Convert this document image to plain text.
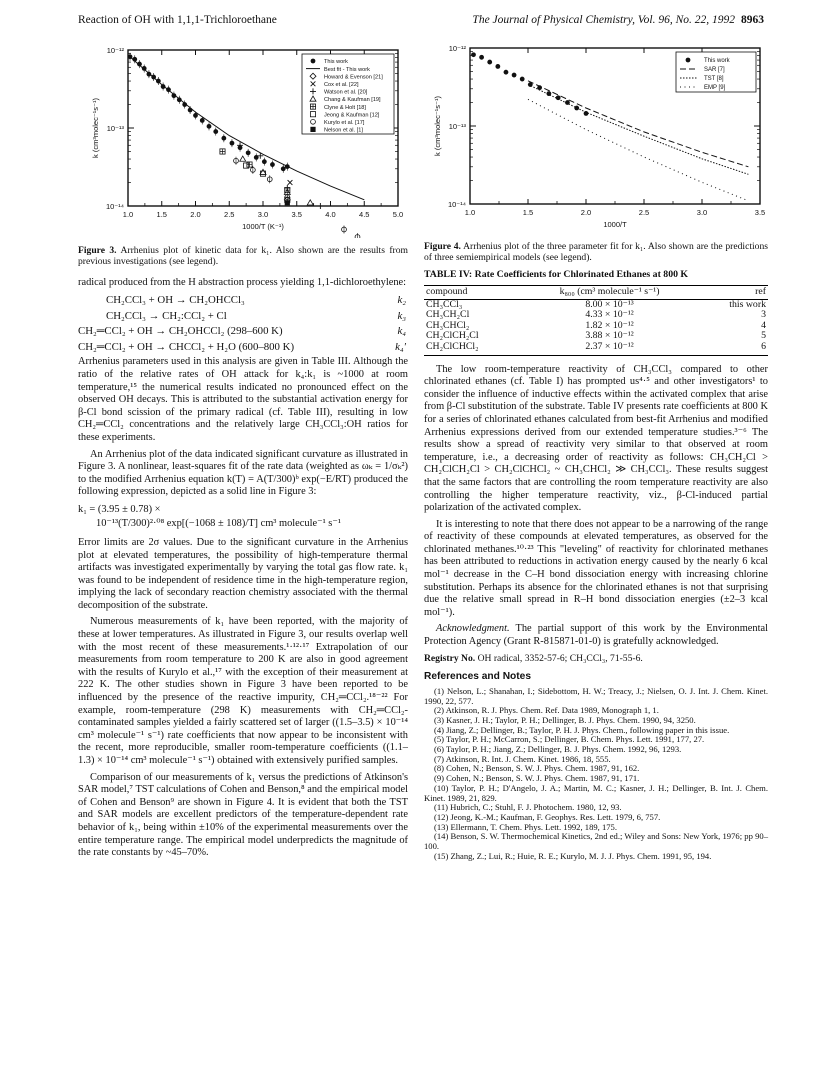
Reaction of OH with 1,1,1-Trichloroethane	The Journal of Physical Chemistry, Vol. 96, No. 22, 1992 8963
1.0	1.5	2.0	2.5	3.0	3.5	4.0	4.5	5.0
10⁻¹²
10⁻¹³
10⁻¹⁴
1000/T (K⁻¹)
k (cm³molec⁻¹s⁻¹)
This work
Best fit - This work
Howard & Evenson [21]
Cox et al. [22]
Watson et al. [20]
Chang & Kaufman [19]
Clyne & Holt [18]
Jeong & Kaufman [12]
Kurylo et al. [17]
Nelson et al. [1]
Figure 3. Arrhenius plot of kinetic data for k₁. Also shown are the results from previous investigations (see legend).

radical produced from the H abstraction process yielding 1,1-dichloroethylene:

CH₂CCl₃ + OH → CH₂OHCCl₃	k₂
CH₂CCl₃ → CH₂:CCl₂ + Cl	k₃
CH₂═CCl₂ + OH → CH₂OHCCl₂ (298–600 K)	k₄
CH₂═CCl₂ + OH → CHCCl₂ + H₂O (600–800 K)	k₄′

Arrhenius parameters used in this analysis are given in Table III. Although the ratio of the relative rates of OH attack for k₄:k₁ is ~1000 at room temperature,¹⁵ the numerical results indicated no pronounced effect on the observed OH decays. This is attributed to the substantial activation energy for β-Cl bond scission of the primary radical (cf. Table III), resulting in low CH₂═CCl₂ concentrations and the relatively large CH₃CCl₃:OH ratios for these experiments.

An Arrhenius plot of the data indicated significant curvature as illustrated in Figure 3. A nonlinear, least-squares fit of the rate data (weighted as ωₖ = 1/σₖ²) to the modified Arrhenius equation k(T) = A(T/300)ᵇ exp(−E/RT) produced the following expression, depicted as a solid line in Figure 3:

k₁ = (3.95 ± 0.78) ×
10⁻¹³(T/300)²·⁰⁸ exp[(−1068 ± 108)/T] cm³ molecule⁻¹ s⁻¹

Error limits are 2σ values. Due to the significant curvature in the Arrhenius plot at elevated temperatures, the possibility of high-temperature thermal artifacts was investigated experimentally by varying the total gas flow rate. k₁ was found to be independent of residence time in the high-temperature region, implying the lack of secondary reaction chemistry associated with the thermal decomposition of the substrate.

Numerous measurements of k₁ have been reported, with the majority of these at lower temperatures. As illustrated in Figure 3, our results overlap well with the most recent of these measurements.¹·¹²·¹⁷ Extrapolation of our measurements from room temperature to 200 K are also in good agreement with the results of Kurylo et al.,¹⁷ with the exception of their measurement at 222 K. The other studies shown in Figure 3 have been reported to be influenced by the presence of the reactive impurity, CH₂═CCl₂.¹⁸⁻²² For example, room-temperature (298 K) measurements with CH₂═CCl₂-contaminated samples yielded a fairly scattered set of larger ((1.5–3.5) × 10⁻¹⁴ cm³ molecule⁻¹ s⁻¹) rate coefficients that now appear to be inconsistent with the recent, more reproducible, smaller room-temperature coefficients ((1.1–1.3) × 10⁻¹⁴ cm³ molecule⁻¹ s⁻¹) obtained with extensively purified samples.

Comparison of our measurements of k₁ versus the predictions of Atkinson's SAR model,⁷ TST calculations of Cohen and Benson,⁸ and the empirical model of Cohen and Benson⁹ are shown in Figure 4. It is evident that both the TST and SAR models are excellent predictors of the temperature-dependent rate behavior of k₁, being within ±10% of the experimental measurements over the entire temperature range. The empirical model underpredicts the magnitude of the rate constants by ~45–70%.

1.0	1.5	2.0	2.5	3.0	3.5
10⁻¹²
10⁻¹³
10⁻¹⁴
1000/T
k (cm³molec⁻¹s⁻¹)
This work
SAR [7]
TST [8]
EMP [9]
Figure 4. Arrhenius plot of the three parameter fit for k₁. Also shown are the predictions of three semiempirical models (see legend).
TABLE IV: Rate Coefficients for Chlorinated Ethanes at 800 K
compound	k₈₀₀ (cm³ molecule⁻¹ s⁻¹)	ref
CH₃CCl₃	8.00 × 10⁻¹³	this work
CH₃CH₂Cl	4.33 × 10⁻¹²	3
CH₃CHCl₂	1.82 × 10⁻¹²	4
CH₂ClCH₂Cl	3.88 × 10⁻¹²	5
CH₂ClCHCl₂	2.37 × 10⁻¹²	6

The low room-temperature reactivity of CH₃CCl₃ compared to other chlorinated ethanes (cf. Table I) has prompted us⁴·⁵ and other investigators¹ to consider the influence of inductive effects within the activated complex that arise from β-Cl substitution of the substrate. Table IV presents rate coefficients at 800 K for a series of chlorinated ethanes calculated from best-fit Arrhenius and modified Arrhenius expressions derived from our extended temperature studies.³⁻⁶ The results show a spread of reactivity very similar to that observed at room temperature, i.e., a decreasing order of reactivity as follows: CH₃CH₂Cl > CH₂ClCH₂Cl > CH₂ClCHCl₂ ~ CH₃CHCl₂ ≫ CH₃CCl₃. These results suggest that the same factors that are controlling the room temperature reactivity are also controlling the higher temperature reactivity, viz., β-Cl-induced partial polarization of the activated complex.

It is interesting to note that there does not appear to be a narrowing of the range of reactivity of these compounds at elevated temperatures, as observed for the chlorinated methanes.¹⁰·²³ This "leveling" of reactivity for chlorinated methanes has been attributed to reductions in activation energy caused by the nearly 6 kcal mol⁻¹ decrease in the C–H bond dissociation energy with increasing chlorine substitution. Perhaps its absence for the chlorinated ethanes is not that surprising due the relative small spread in R–H bond dissociation energies (±2–3 kcal mol⁻¹).

Acknowledgment. The partial support of this work by the Environmental Protection Agency (Grant R-815871-01-0) is gratefully acknowledged.

Registry No. OH radical, 3352-57-6; CH₃CCl₃, 71-55-6.
References and Notes
(1) Nelson, L.; Shanahan, I.; Sidebottom, H. W.; Treacy, J.; Nielsen, O. J. Int. J. Chem. Kinet. 1990, 22, 577.
(2) Atkinson, R. J. Phys. Chem. Ref. Data 1989, Monograph 1, 1.
(3) Kasner, J. H.; Taylor, P. H.; Dellinger, B. J. Phys. Chem. 1990, 94, 3250.
(4) Jiang, Z.; Dellinger, B.; Taylor, P. H. J. Phys. Chem., following paper in this issue.
(5) Taylor, P. H.; McCarron, S.; Dellinger, B. Chem. Phys. Lett. 1991, 177, 27.
(6) Taylor, P. H.; Jiang, Z.; Dellinger, B. J. Phys. Chem. 1992, 96, 1293.
(7) Atkinson, R. Int. J. Chem. Kinet. 1986, 18, 555.
(8) Cohen, N.; Benson, S. W. J. Phys. Chem. 1987, 91, 162.
(9) Cohen, N.; Benson, S. W. J. Phys. Chem. 1987, 91, 171.
(10) Taylor, P. H.; D'Angelo, J. A.; Martin, M. C.; Kasner, J. H.; Dellinger, B. Int. J. Chem. Kinet. 1989, 21, 829.
(11) Hubrich, C.; Stuhl, F. J. Photochem. 1980, 12, 93.
(12) Jeong, K.-M.; Kaufman, F. Geophys. Res. Lett. 1979, 6, 757.
(13) Ellermann, T. Chem. Phys. Lett. 1992, 189, 175.
(14) Benson, S. W. Thermochemical Kinetics, 2nd ed.; Wiley and Sons: New York, 1976; pp 90–100.
(15) Zhang, Z.; Lui, R.; Huie, R. E.; Kurylo, M. J. J. Phys. Chem. 1991, 95, 194.
